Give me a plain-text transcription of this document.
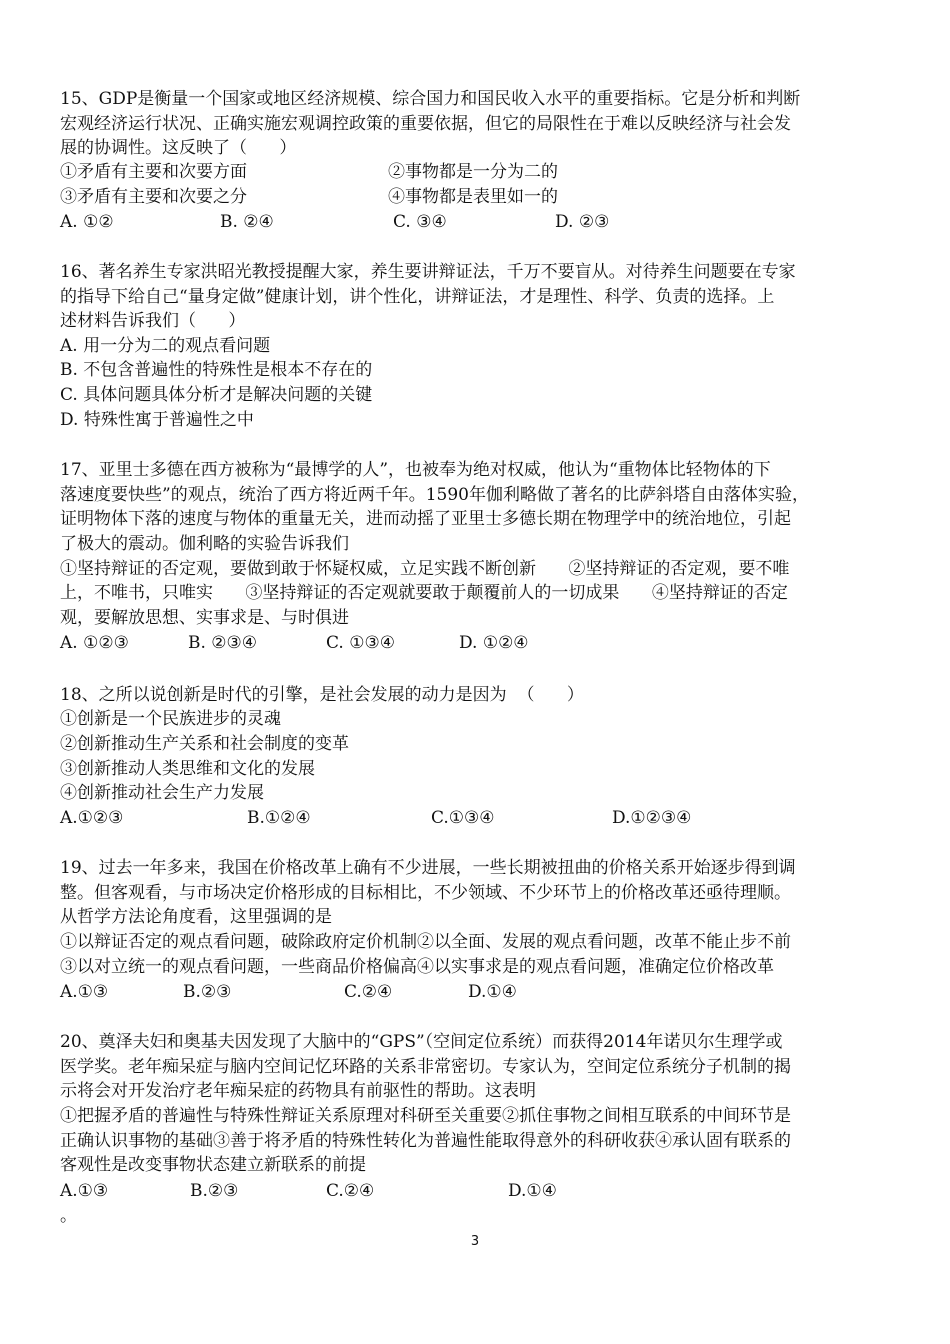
15、GDP是衡量一个国家或地区经济规模、综合国力和国民收入水平的重要指标。它是分析和判断
宏观经济运行状况、正确实施宏观调控政策的重要依据，但它的局限性在于难以反映经济与社会发
展的协调性。这反映了（      ）
①矛盾有主要和次要方面	②事物都是一分为二的
③矛盾有主要和次要之分	④事物都是表里如一的
A. ①②	B. ②④	C. ③④	D. ②③
16、著名养生专家洪昭光教授提醒大家，养生要讲辩证法，千万不要盲从。对待养生问题要在专家
的指导下给自己“量身定做”健康计划，讲个性化，讲辩证法，才是理性、科学、负责的选择。上
述材料告诉我们（      ）
A. 用一分为二的观点看问题
B. 不包含普遍性的特殊性是根本不存在的
C. 具体问题具体分析才是解决问题的关键
D. 特殊性寓于普遍性之中
17、亚里士多德在西方被称为“最博学的人”，也被奉为绝对权威，他认为“重物体比轻物体的下
落速度要快些”的观点，统治了西方将近两千年。1590年伽利略做了著名的比萨斜塔自由落体实验，
证明物体下落的速度与物体的重量无关，进而动摇了亚里士多德长期在物理学中的统治地位，引起
了极大的震动。伽利略的实验告诉我们
①坚持辩证的否定观，要做到敢于怀疑权威，立足实践不断创新      ②坚持辩证的否定观，要不唯
上，不唯书，只唯实      ③坚持辩证的否定观就要敢于颠覆前人的一切成果      ④坚持辩证的否定
观，要解放思想、实事求是、与时俱进
A. ①②③	B. ②③④	C. ①③④	D. ①②④
18、之所以说创新是时代的引擎，是社会发展的动力是因为  （      ）
①创新是一个民族进步的灵魂
②创新推动生产关系和社会制度的变革
③创新推动人类思维和文化的发展
④创新推动社会生产力发展
A.①②③	B.①②④	C.①③④	D.①②③④
19、过去一年多来，我国在价格改革上确有不少进展，一些长期被扭曲的价格关系开始逐步得到调
整。但客观看，与市场决定价格形成的目标相比，不少领域、不少环节上的价格改革还亟待理顺。
从哲学方法论角度看，这里强调的是
①以辩证否定的观点看问题，破除政府定价机制②以全面、发展的观点看问题，改革不能止步不前
③以对立统一的观点看问题，一些商品价格偏高④以实事求是的观点看问题，准确定位价格改革
A.①③	B.②③	C.②④	D.①④
20、奠泽夫妇和奥基夫因发现了大脑中的“GPS”（空间定位系统）而获得2014年诺贝尔生理学或
医学奖。老年痴呆症与脑内空间记忆环路的关系非常密切。专家认为，空间定位系统分子机制的揭
示将会对开发治疗老年痴呆症的药物具有前驱性的帮助。这表明
①把握矛盾的普遍性与特殊性辩证关系原理对科研至关重要②抓住事物之间相互联系的中间环节是
正确认识事物的基础③善于将矛盾的特殊性转化为普遍性能取得意外的科研收获④承认固有联系的
客观性是改变事物状态建立新联系的前提
A.①③	B.②③	C.②④	D.①④
。
3
